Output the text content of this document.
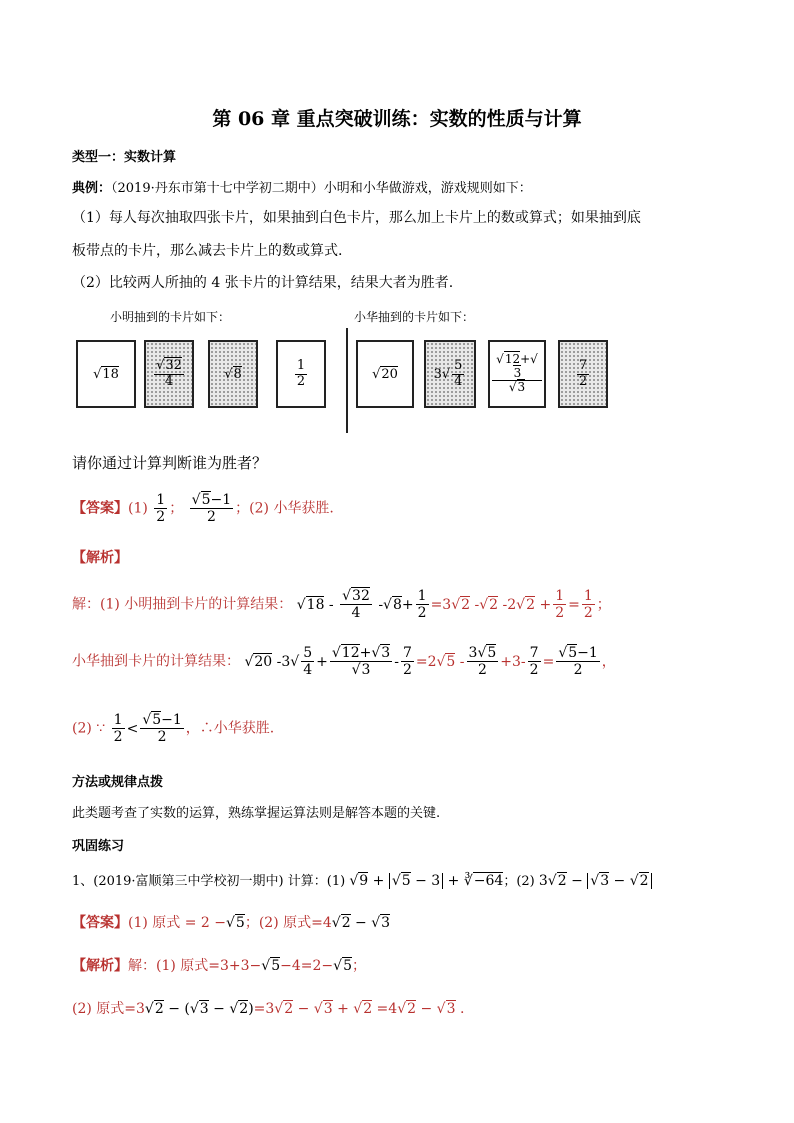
第 06 章 重点突破训练：实数的性质与计算
类型一：实数计算
典例：（2019·丹东市第十七中学初二期中）小明和小华做游戏，游戏规则如下：
（1）每人每次抽取四张卡片，如果抽到白色卡片，那么加上卡片上的数或算式；如果抽到底
板带点的卡片，那么减去卡片上的数或算式.
（2）比较两人所抽的 4 张卡片的计算结果，结果大者为胜者.
小明抽到的卡片如下：	小华抽到的卡片如下：
√18	$\frac{√32}{4}$	√8	$\frac{1}{2}$	√20	$3√ \frac{5}{4} \frac{√12+√3}{√3}$	$\frac{7}{2}$
请你通过计算判断谁为胜者？
【答案】$(1) \frac{1}{2}$ ； $\frac{√5-1}{2}$ ；(2) 小华获胜.
【解析】
解：(1) 小明抽到卡片的计算结果： $√18 - \frac{√32}{4} -√8+ \frac{1}{2} =3√2$ -√2 $-2√2 + \frac{1}{2} = \frac{1}{2}$ ；
小华抽到卡片的计算结果： √20 $-3√ \frac{5}{4} + \frac{√12+√3}{√3} - \frac{7}{2} =2√5 - \frac{3√5}{2} +3- \frac{7}{2} = \frac{√5-1}{2}$ ，
(2) ∵ $\frac{1}{2} < \frac{√5-1}{2}$ ，∴小华获胜.
方法或规律点拨
此类题考查了实数的运算，熟练掌握运算法则是解答本题的关键.
巩固练习
1、(2019·富顺第三中学校初一期中) 计算：(1) √9 + √5 − 3 + ∛−64；(2) 3√2 − √3 − √2
【答案】(1) 原式 = 2 −√5；(2) 原式=4√2 − √3
【解析】解：(1) 原式=3+3−√5−4=2−√5；
(2) 原式=3√2 − (√3 − √2)=3√2 − √3 + √2 =4√2 − √3 .
